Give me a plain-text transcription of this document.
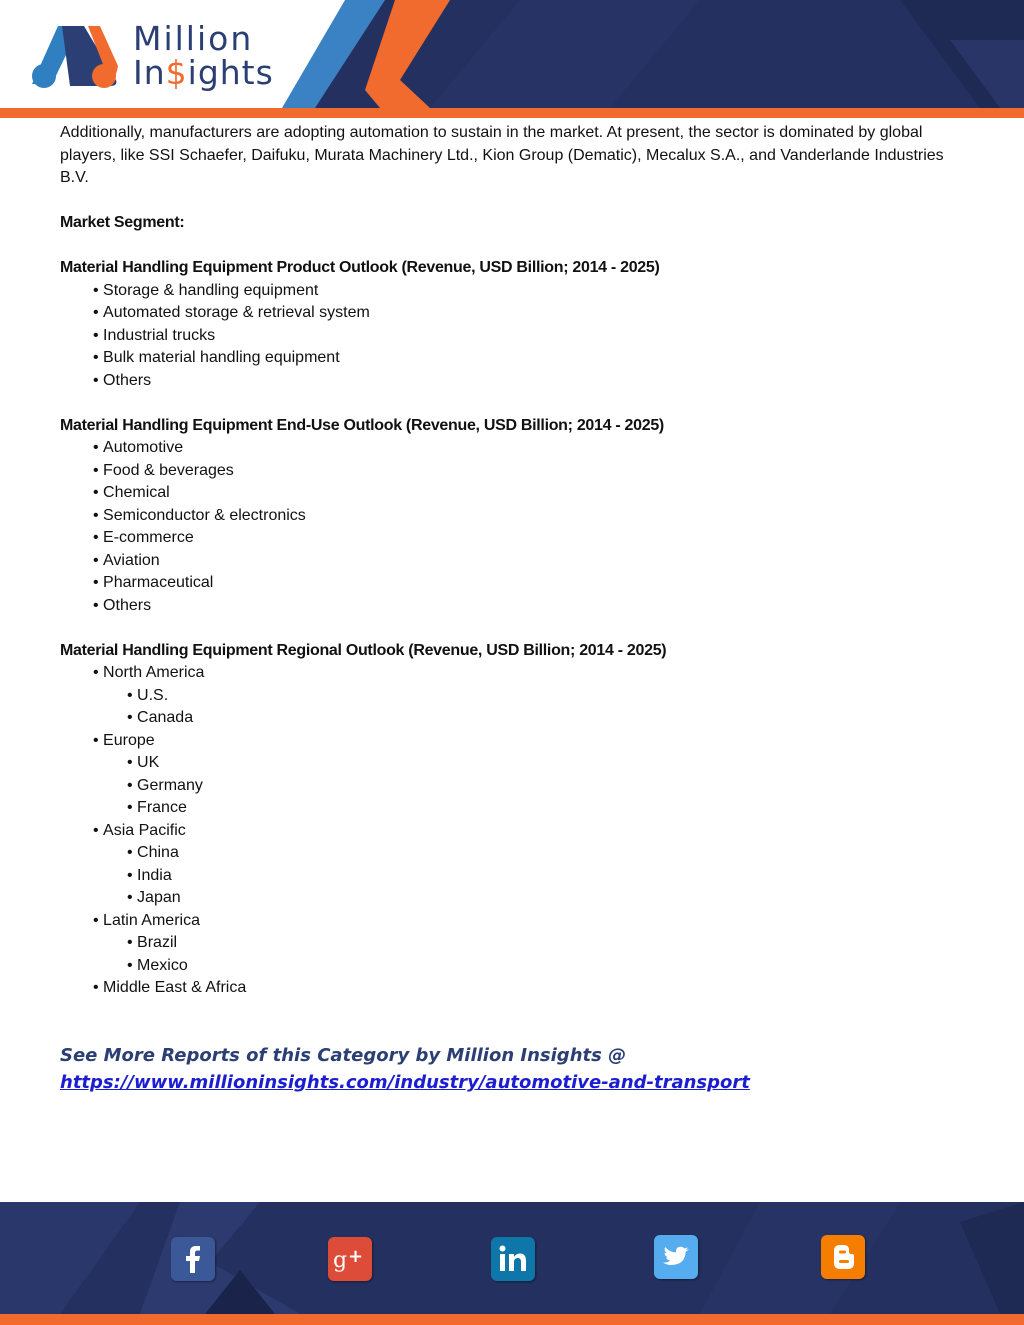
Million
In$ights

Additionally, manufacturers are adopting automation to sustain in the market. At present, the sector is dominated by global players, like SSI Schaefer, Daifuku, Murata Machinery Ltd., Kion Group (Dematic), Mecalux S.A., and Vanderlande Industries B.V.

Market Segment:

Material Handling Equipment Product Outlook (Revenue, USD Billion; 2014 - 2025)

• Storage & handling equipment
• Automated storage & retrieval system
• Industrial trucks
• Bulk material handling equipment
• Others

Material Handling Equipment End-Use Outlook (Revenue, USD Billion; 2014 - 2025)

• Automotive
• Food & beverages
• Chemical
• Semiconductor & electronics
• E-commerce
• Aviation
• Pharmaceutical
• Others

Material Handling Equipment Regional Outlook (Revenue, USD Billion; 2014 - 2025)

• North America
• U.S.
• Canada
• Europe
• UK
• Germany
• France
• Asia Pacific
• China
• India
• Japan
• Latin America
• Brazil
• Mexico
• Middle East & Africa
See More Reports of this Category by Million Insights @
https://www.millioninsights.com/industry/automotive-and-transport
g +
